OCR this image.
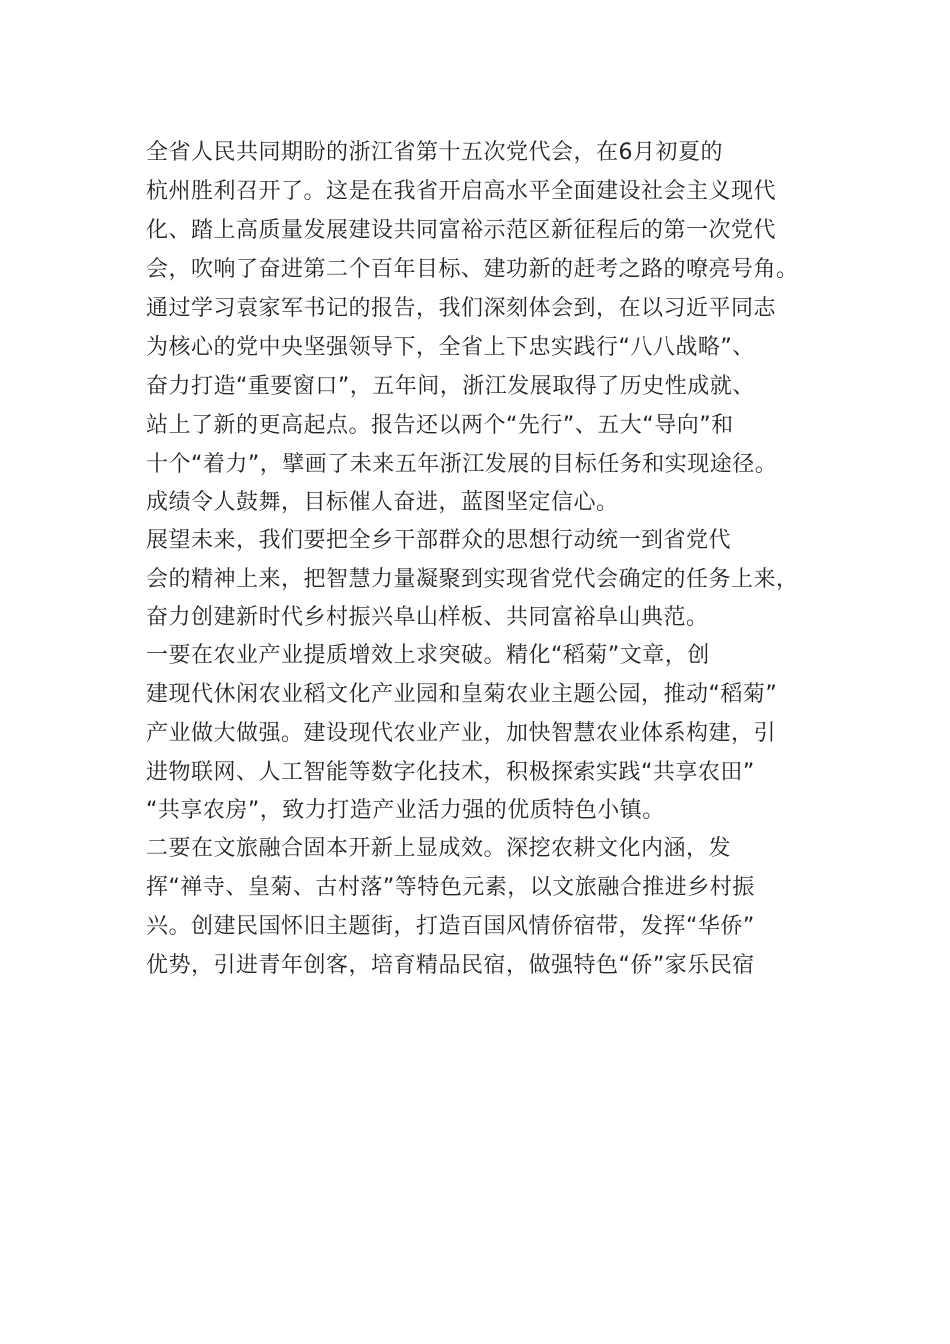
全省人民共同期盼的浙江省第十五次党代会，在6月初夏的
杭州胜利召开了。这是在我省开启高水平全面建设社会主义现代
化、踏上高质量发展建设共同富裕示范区新征程后的第一次党代
会，吹响了奋进第二个百年目标、建功新的赶考之路的嘹亮号角。
通过学习袁家军书记的报告，我们深刻体会到，在以习近平同志
为核心的党中央坚强领导下，全省上下忠实践行“八八战略”、
奋力打造“重要窗口”，五年间，浙江发展取得了历史性成就、
站上了新的更高起点。报告还以两个“先行”、五大“导向”和
十个“着力”，擘画了未来五年浙江发展的目标任务和实现途径。
成绩令人鼓舞，目标催人奋进，蓝图坚定信心。
展望未来，我们要把全乡干部群众的思想行动统一到省党代
会的精神上来，把智慧力量凝聚到实现省党代会确定的任务上来，
奋力创建新时代乡村振兴阜山样板、共同富裕阜山典范。
一要在农业产业提质增效上求突破。精化“稻菊”文章，创
建现代休闲农业稻文化产业园和皇菊农业主题公园，推动“稻菊”
产业做大做强。建设现代农业产业，加快智慧农业体系构建，引
进物联网、人工智能等数字化技术，积极探索实践“共享农田”
“共享农房”，致力打造产业活力强的优质特色小镇。
二要在文旅融合固本开新上显成效。深挖农耕文化内涵，发
挥“禅寺、皇菊、古村落”等特色元素，以文旅融合推进乡村振
兴。创建民国怀旧主题街，打造百国风情侨宿带，发挥“华侨”
优势，引进青年创客，培育精品民宿，做强特色“侨”家乐民宿
